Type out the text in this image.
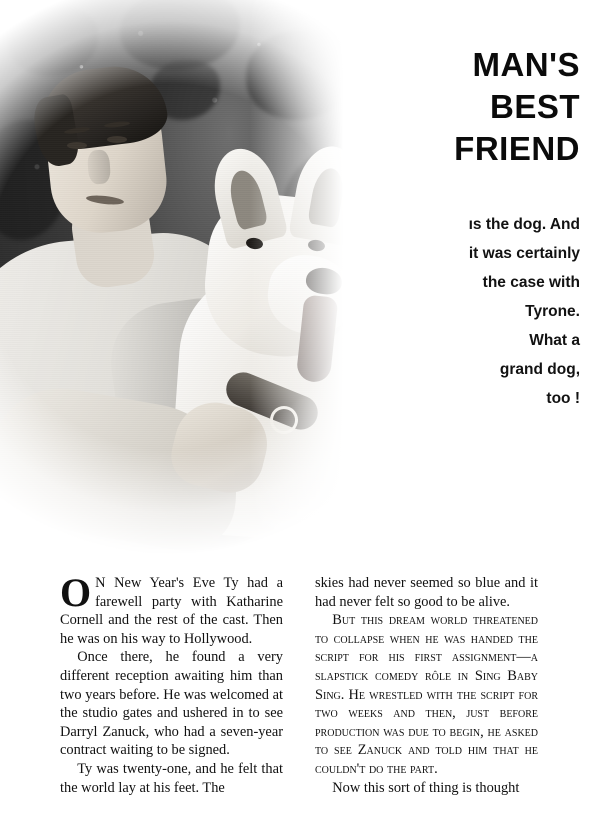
MAN'S
BEST
FRIEND
ıs the dog. And
it was certainly
the case with
Tyrone.
What a
grand dog,
too !

O N New Year's Eve Ty had a farewell party with Katharine Cornell and the rest of the cast. Then he was on his way to Hollywood.

Once there, he found a very different reception awaiting him than two years before. He was welcomed at the studio gates and ushered in to see Darryl Zanuck, who had a seven-year contract waiting to be signed.

Ty was twenty-one, and he felt that the world lay at his feet. The

skies had never seemed so blue and it had never felt so good to be alive.

But this dream world threatened to collapse when he was handed the script for his first assignment—a slapstick comedy rôle in Sing Baby Sing. He wrestled with the script for two weeks and then, just before production was due to begin, he asked to see Zanuck and told him that he couldn't do the part.

Now this sort of thing is thought
